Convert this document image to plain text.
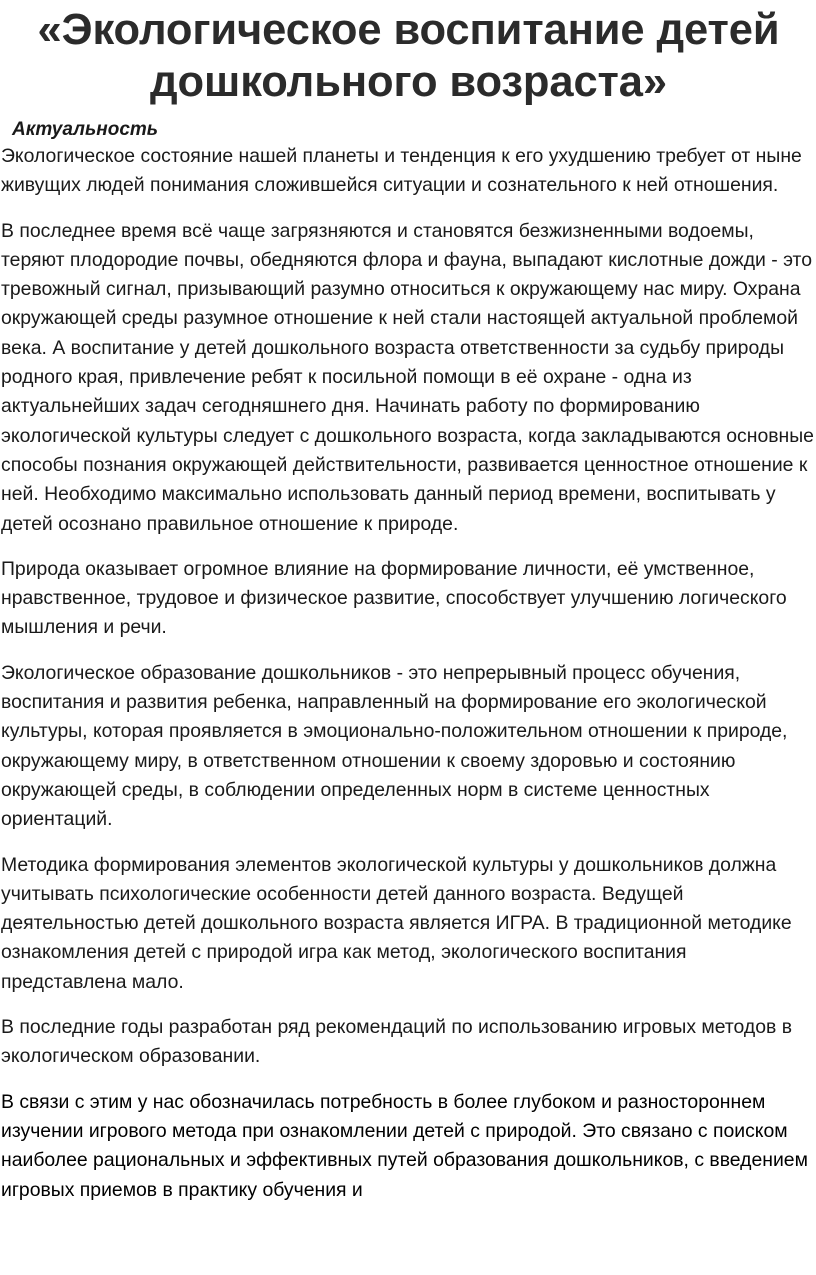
«Экологическое воспитание детей
дошкольного возраста»
Актуальность

Экологическое состояние нашей планеты и тенденция к его ухудшению требует от ныне живущих людей понимания сложившейся ситуации и сознательного к ней отношения.

В последнее время всё чаще загрязняются и становятся безжизненными водоемы, теряют плодородие почвы, обедняются флора и фауна, выпадают кислотные дожди - это тревожный сигнал, призывающий разумно относиться к окружающему нас миру. Охрана окружающей среды разумное отношение к ней стали настоящей актуальной проблемой века. А воспитание у детей дошкольного возраста ответственности за судьбу природы родного края, привлечение ребят к посильной помощи в её охране - одна из актуальнейших задач сегодняшнего дня. Начинать работу по формированию экологической культуры следует с дошкольного возраста, когда закладываются основные способы познания окружающей действительности, развивается ценностное отношение к ней. Необходимо максимально использовать данный период времени, воспитывать у детей осознано правильное отношение к природе.

Природа оказывает огромное влияние на формирование личности, её умственное, нравственное, трудовое и физическое развитие, способствует улучшению логического мышления и речи.

Экологическое образование дошкольников - это непрерывный процесс обучения, воспитания и развития ребенка, направленный на формирование его экологической культуры, которая проявляется в эмоционально-положительном отношении к природе, окружающему миру, в ответственном отношении к своему здоровью и состоянию окружающей среды, в соблюдении определенных норм в системе ценностных ориентаций.

Методика формирования элементов экологической культуры у дошкольников должна учитывать психологические особенности детей данного возраста. Ведущей деятельностью детей дошкольного возраста является ИГРА. В традиционной методике ознакомления детей с природой игра как метод, экологического воспитания представлена мало.

В последние годы разработан ряд рекомендаций по использованию игровых методов в экологическом образовании.

В связи с этим у нас обозначилась потребность в более глубоком и разностороннем изучении игрового метода при ознакомлении детей с природой. Это связано с поиском наиболее рациональных и эффективных путей образования дошкольников, с введением игровых приемов в практику обучения и
